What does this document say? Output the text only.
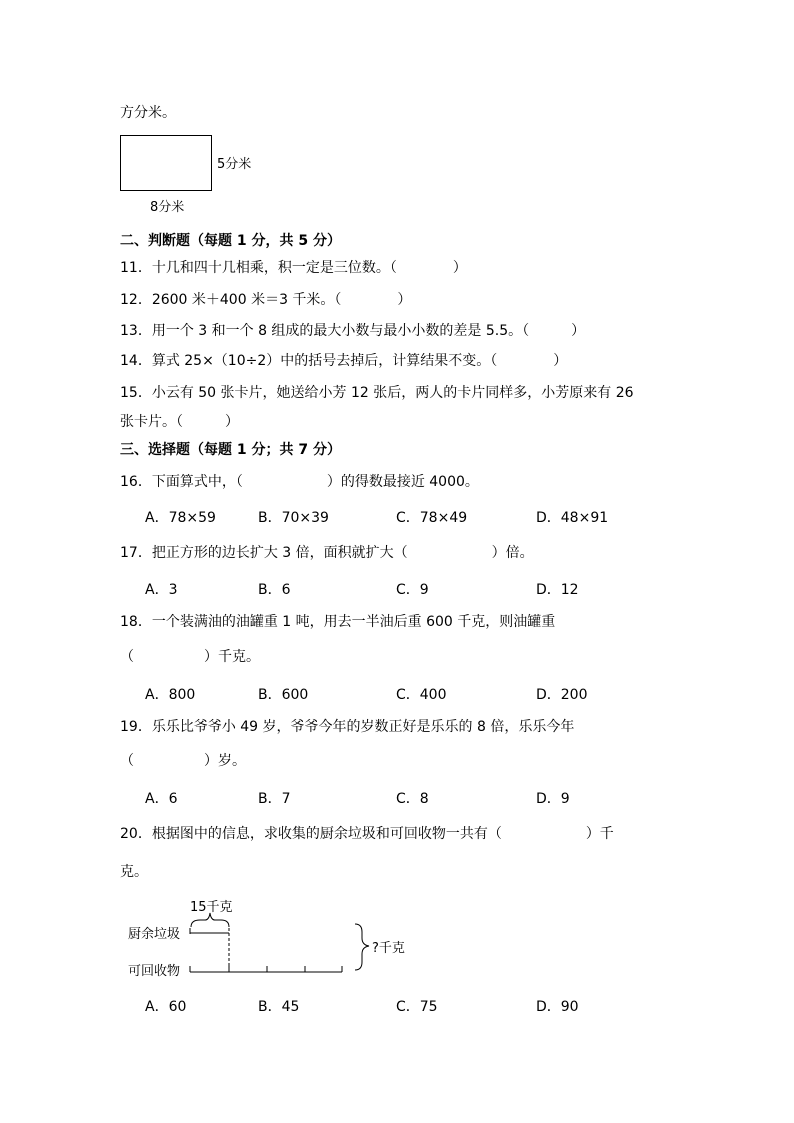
方分米。
5分米
8分米
二、判断题（每题 1 分，共 5 分）
11．十几和四十几相乘，积一定是三位数。（　　　　）
12．2600 米＋400 米＝3 千米。（　　　　）
13．用一个 3 和一个 8 组成的最大小数与最小小数的差是 5.5。（　　　）
14．算式 25×（10÷2）中的括号去掉后，计算结果不变。（　　　　）
15．小云有 50 张卡片，她送给小芳 12 张后，两人的卡片同样多，小芳原来有 26
张卡片。（　　　）
三、选择题（每题 1 分；共 7 分）
16．下面算式中，（　　　　　　）的得数最接近 4000。
A．78×59	B．70×39	C．78×49	D．48×91
17．把正方形的边长扩大 3 倍，面积就扩大（　　　　　　）倍。
A．3	B．6	C．9	D．12
18．一个装满油的油罐重 1 吨，用去一半油后重 600 千克，则油罐重
（　　　　　）千克。
A．800	B．600	C．400	D．200
19．乐乐比爷爷小 49 岁，爷爷今年的岁数正好是乐乐的 8 倍，乐乐今年
（　　　　　）岁。
A．6	B．7	C．8	D．9
20．根据图中的信息，求收集的厨余垃圾和可回收物一共有（　　　　　　）千
克。
15千克
厨余垃圾
可回收物
?千克
A．60	B．45	C．75	D．90
